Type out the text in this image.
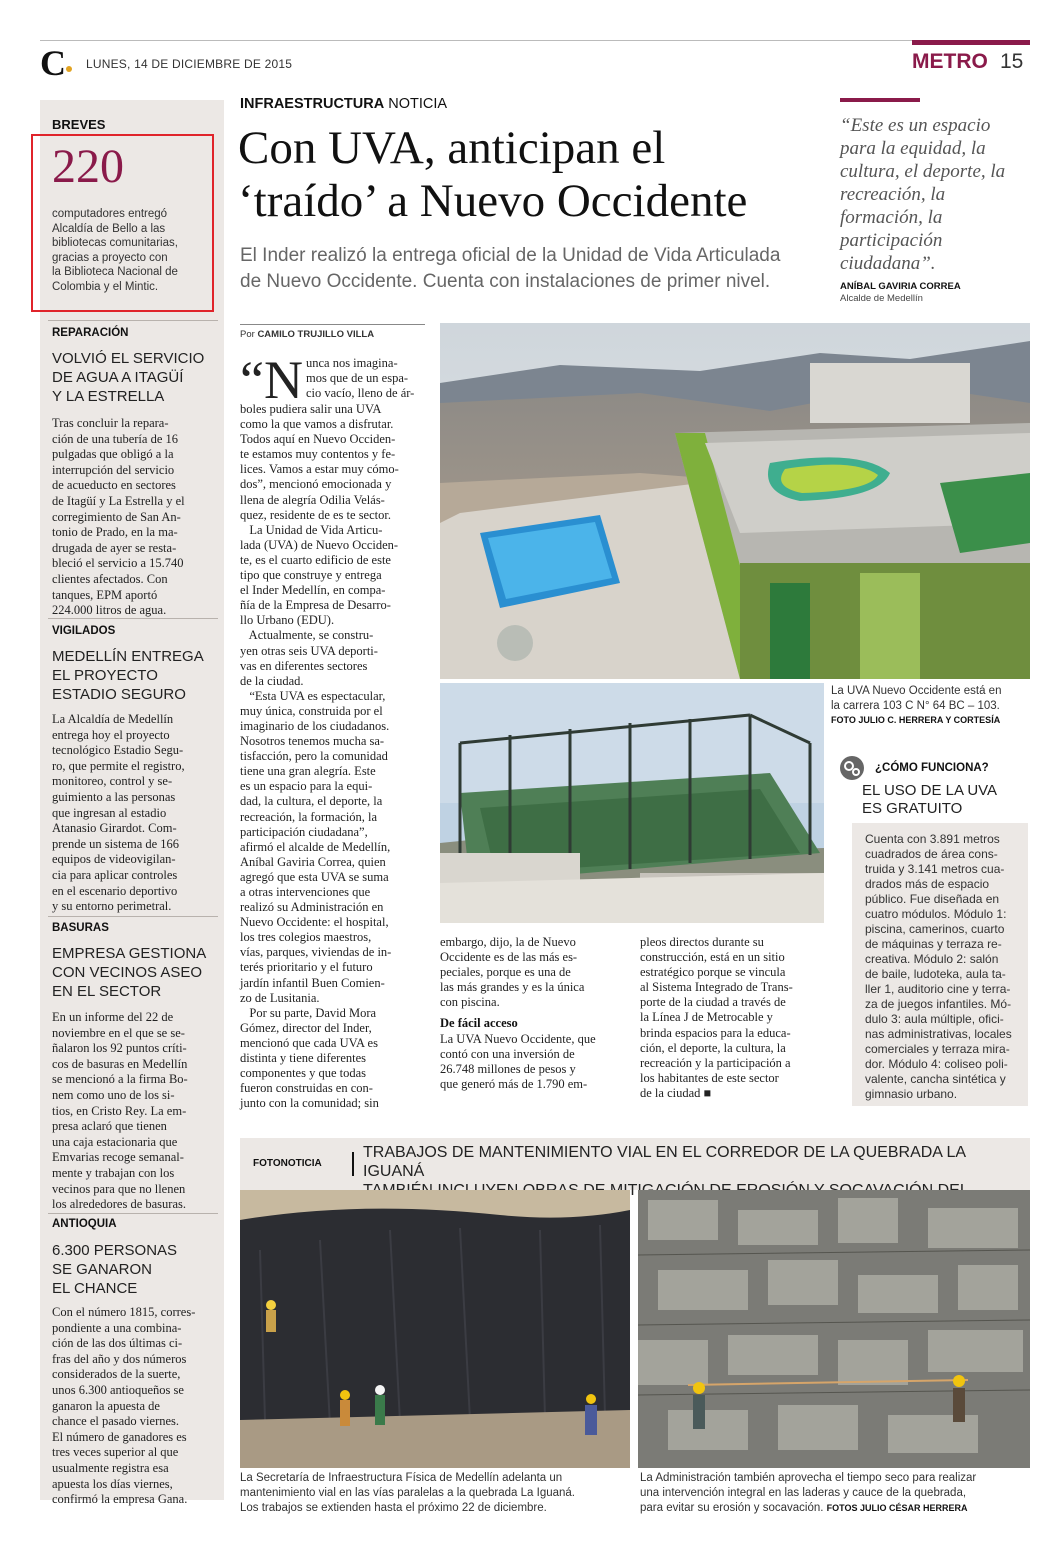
C LUNES, 14 DE DICIEMBRE DE 2015	METRO 15
BREVES
220
computadores entregó
Alcaldía de Bello a las
bibliotecas comunitarias,
gracias a proyecto con
la Biblioteca Nacional de
Colombia y el Mintic.
REPARACIÓN
VOLVIÓ EL SERVICIO
DE AGUA A ITAGÜÍ
Y LA ESTRELLA
Tras concluir la repara-
ción de una tubería de 16
pulgadas que obligó a la
interrupción del servicio
de acueducto en sectores
de Itagüí y La Estrella y el
corregimiento de San An-
tonio de Prado, en la ma-
drugada de ayer se resta-
bleció el servicio a 15.740
clientes afectados. Con
tanques, EPM aportó
224.000 litros de agua.
VIGILADOS
MEDELLÍN ENTREGA
EL PROYECTO
ESTADIO SEGURO
La Alcaldía de Medellín
entrega hoy el proyecto
tecnológico Estadio Segu-
ro, que permite el registro,
monitoreo, control y se-
guimiento a las personas
que ingresan al estadio
Atanasio Girardot. Com-
prende un sistema de 166
equipos de videovigilan-
cia para aplicar controles
en el escenario deportivo
y su entorno perimetral.
BASURAS
EMPRESA GESTIONA
CON VECINOS ASEO
EN EL SECTOR
En un informe del 22 de
noviembre en el que se se-
ñalaron los 92 puntos críti-
cos de basuras en Medellín
se mencionó a la firma Bo-
nem como uno de los si-
tios, en Cristo Rey. La em-
presa aclaró que tienen
una caja estacionaria que
Emvarias recoge semanal-
mente y trabajan con los
vecinos para que no llenen
los alrededores de basuras.
ANTIOQUIA
6.300 PERSONAS
SE GANARON
EL CHANCE
Con el número 1815, corres-
pondiente a una combina-
ción de las dos últimas ci-
fras del año y dos números
considerados de la suerte,
unos 6.300 antioqueños se
ganaron la apuesta de
chance el pasado viernes.
El número de ganadores es
tres veces superior al que
usualmente registra esa
apuesta los días viernes,
confirmó la empresa Gana.
INFRAESTRUCTURA NOTICIA
Con UVA, anticipan el
‘traído’ a Nuevo Occidente
El Inder realizó la entrega oficial de la Unidad de Vida Articulada
de Nuevo Occidente. Cuenta con instalaciones de primer nivel.
“Este es un espacio
para la equidad, la
cultura, el deporte, la
recreación, la
formación, la
participación
ciudadana”.
ANÍBAL GAVIRIA CORREA
Alcalde de Medellín
Por CAMILO TRUJILLO VILLA
“N unca nos imagina-
mos que de un espa-
cio vacío, lleno de ár-
boles pudiera salir una UVA
como la que vamos a disfrutar.
Todos aquí en Nuevo Occiden-
te estamos muy contentos y fe-
lices. Vamos a estar muy cómo-
dos”, mencionó emocionada y
llena de alegría Odilia Velás-
quez, residente de es te sector.
La Unidad de Vida Articu-
lada (UVA) de Nuevo Occiden-
te, es el cuarto edificio de este
tipo que construye y entrega
el Inder Medellín, en compa-
ñía de la Empresa de Desarro-
llo Urbano (EDU).
Actualmente, se constru-
yen otras seis UVA deporti-
vas en diferentes sectores
de la ciudad.
“Esta UVA es espectacular,
muy única, construida por el
imaginario de los ciudadanos.
Nosotros tenemos mucha sa-
tisfacción, pero la comunidad
tiene una gran alegría. Este
es un espacio para la equi-
dad, la cultura, el deporte, la
recreación, la formación, la
participación ciudadana”,
afirmó el alcalde de Medellín,
Aníbal Gaviria Correa, quien
agregó que esta UVA se suma
a otras intervenciones que
realizó su Administración en
Nuevo Occidente: el hospital,
los tres colegios maestros,
vías, parques, viviendas de in-
terés prioritario y el futuro
jardín infantil Buen Comien-
zo de Lusitania.
Por su parte, David Mora
Gómez, director del Inder,
mencionó que cada UVA es
distinta y tiene diferentes
componentes y que todas
fueron construidas en con-
junto con la comunidad; sin
La UVA Nuevo Occidente está en
la carrera 103 C N° 64 BC – 103.
FOTO JULIO C. HERRERA Y CORTESÍA
embargo, dijo, la de Nuevo
Occidente es de las más es-
peciales, porque es una de
las más grandes y es la única
con piscina.
De fácil acceso
La UVA Nuevo Occidente, que
contó con una inversión de
26.748 millones de pesos y
que generó más de 1.790 em-
pleos directos durante su
construcción, está en un sitio
estratégico porque se vincula
al Sistema Integrado de Trans-
porte de la ciudad a través de
la Línea J de Metrocable y
brinda espacios para la educa-
ción, el deporte, la cultura, la
recreación y la participación a
los habitantes de este sector
de la ciudad ■
¿CÓMO FUNCIONA?
EL USO DE LA UVA
ES GRATUITO
Cuenta con 3.891 metros
cuadrados de área cons-
truida y 3.141 metros cua-
drados más de espacio
público. Fue diseñada en
cuatro módulos. Módulo 1:
piscina, camerinos, cuarto
de máquinas y terraza re-
creativa. Módulo 2: salón
de baile, ludoteka, aula ta-
ller 1, auditorio cine y terra-
za de juegos infantiles. Mó-
dulo 3: aula múltiple, ofici-
nas administrativas, locales
comerciales y terraza mira-
dor. Módulo 4: coliseo poli-
valente, cancha sintética y
gimnasio urbano.
FOTONOTICIA
TRABAJOS DE MANTENIMIENTO VIAL EN EL CORREDOR DE LA QUEBRADA LA IGUANÁ
La Secretaría de Infraestructura Física de Medellín adelanta un
mantenimiento vial en las vías paralelas a la quebrada La Iguaná.
Los trabajos se extienden hasta el próximo 22 de diciembre.
La Administración también aprovecha el tiempo seco para realizar
una intervención integral en las laderas y cauce de la quebrada,
para evitar su erosión y socavación. FOTOS JULIO CÉSAR HERRERA
